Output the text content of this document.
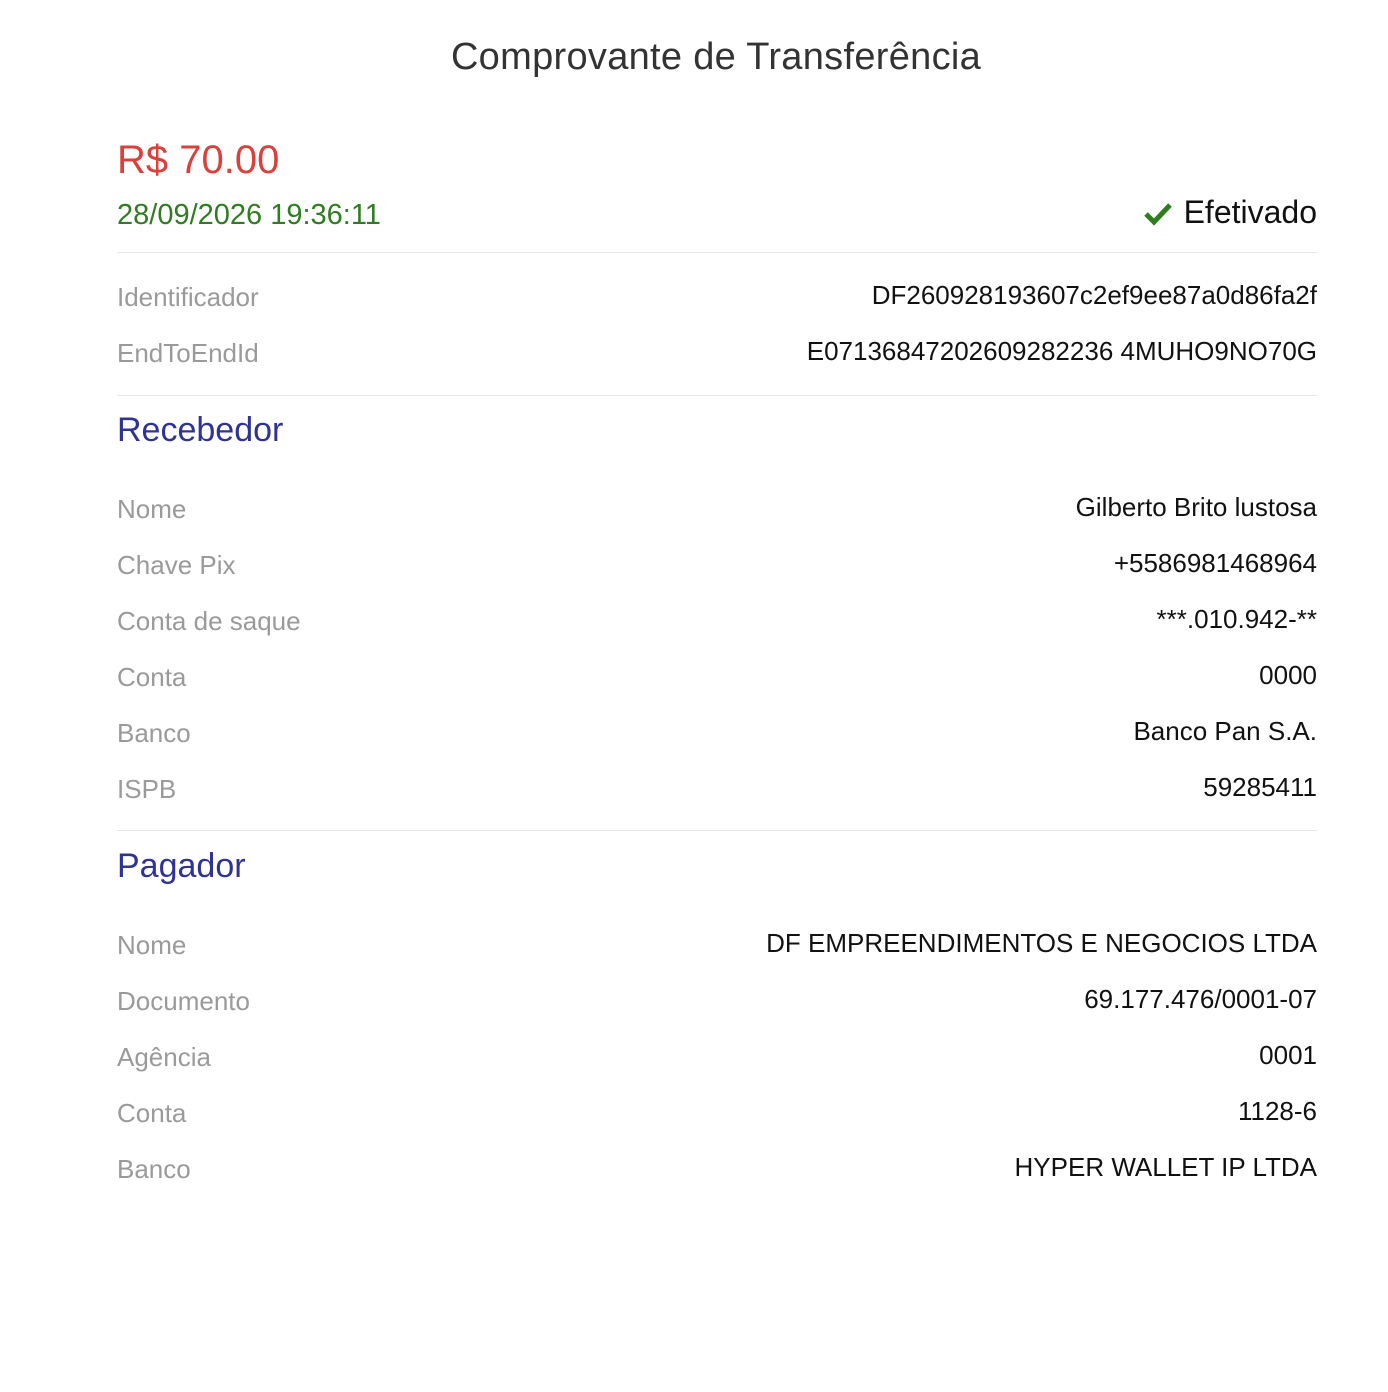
Comprovante de Transferência
R$ 70.00
28/09/2026 19:36:11	Efetivado
Identificador	DF260928193607c2ef9ee87a0d86fa2f
EndToEndId	E07136847202609282236 4MUHO9NO70G
Recebedor
Nome	Gilberto Brito lustosa
Chave Pix	+5586981468964
Conta de saque	***.010.942-**
Conta	0000
Banco	Banco Pan S.A.
ISPB	59285411
Pagador
Nome	DF EMPREENDIMENTOS E NEGOCIOS LTDA
Documento	69.177.476/0001-07
Agência	0001
Conta	1128-6
Banco	HYPER WALLET IP LTDA
